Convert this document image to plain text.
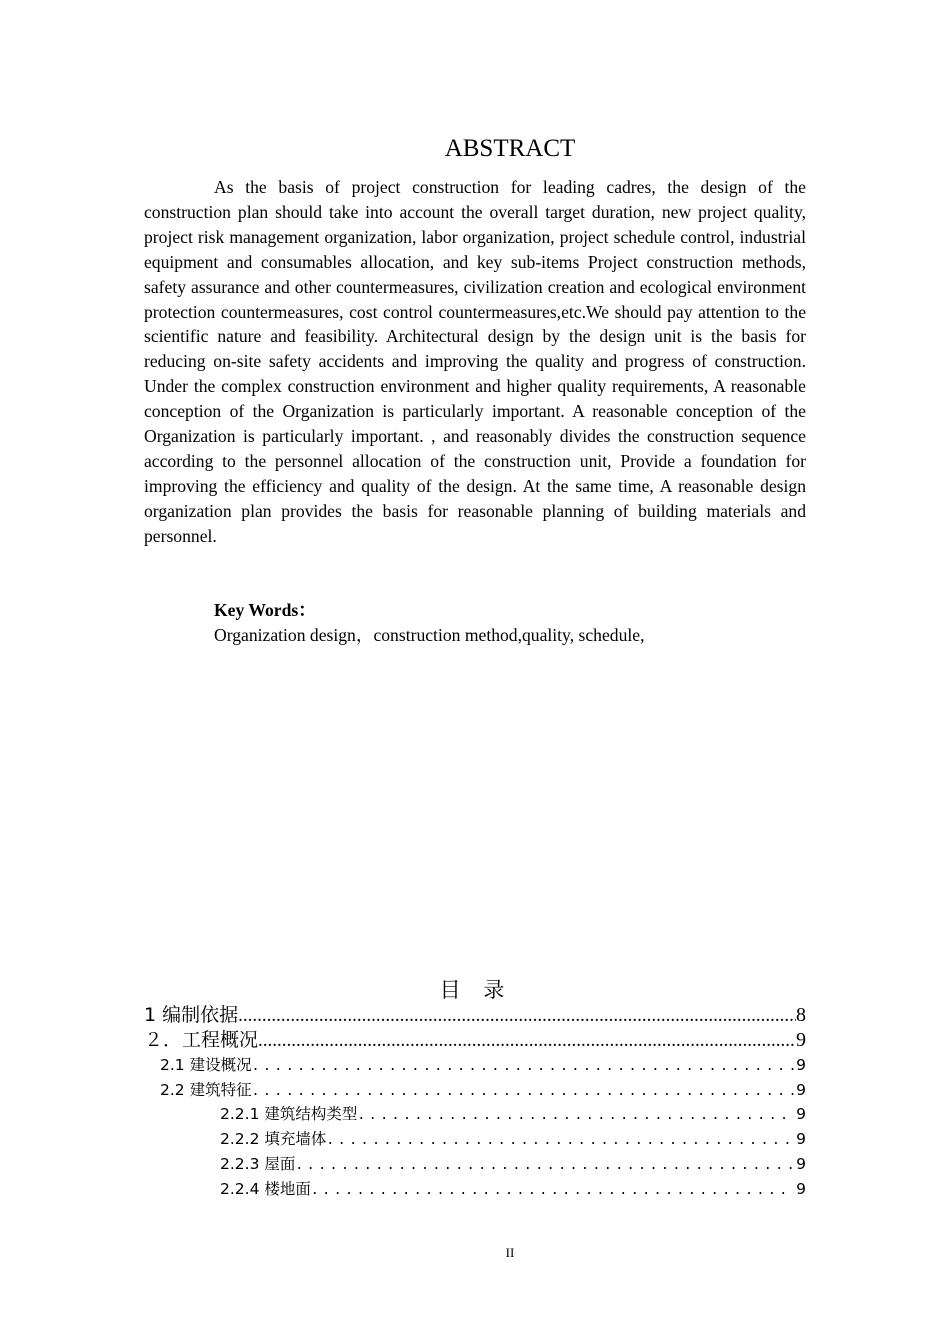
ABSTRACT

As the basis of project construction for leading cadres, the design of the construction plan should take into account the overall target duration, new project quality, project risk management organization, labor organization, project schedule control, industrial equipment and consumables allocation, and key sub-items Project construction methods, safety assurance and other countermeasures, civilization creation and ecological environment protection countermeasures, cost control countermeasures,etc.We should pay attention to the scientific nature and feasibility. Architectural design by the design unit is the basis for reducing on-site safety accidents and improving the quality and progress of construction. Under the complex construction environment and higher quality requirements, A reasonable conception of the Organization is particularly important. A reasonable conception of the Organization is particularly important. , and reasonably divides the construction sequence according to the personnel allocation of the construction unit, Provide a foundation for improving the efficiency and quality of the design. At the same time, A reasonable design organization plan provides the basis for reasonable planning of building materials and personnel.

Key Words：
Organization design，construction method,quality, schedule,
目 录
1 编制依据 .....	8
２．工程概况 .....	9
2.1 建设概况 .....	9
2.2 建筑特征 .....	9
2.2.1 建筑结构类型 .....	9
2.2.2 填充墙体 .....	9
2.2.3 屋面 .....	9
2.2.4 楼地面 .....	9
II
